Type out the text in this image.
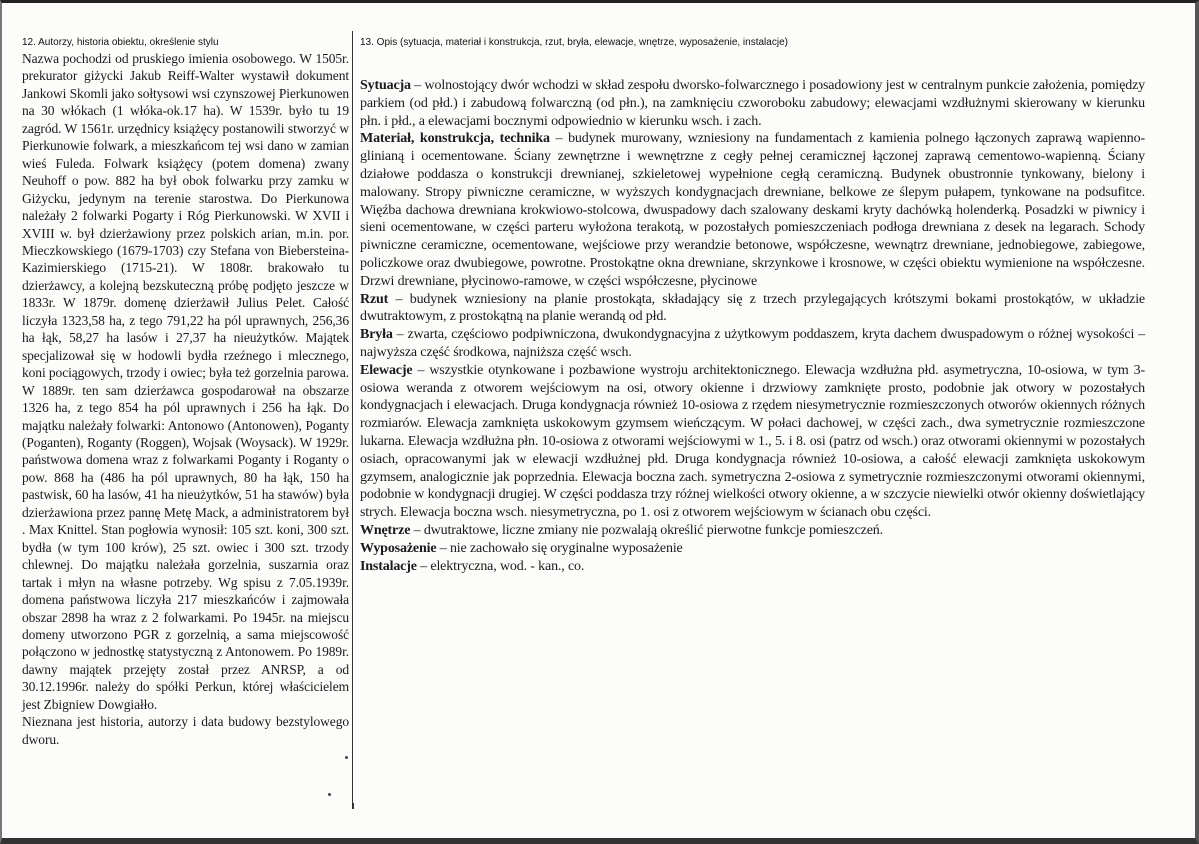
12. Autorzy, historia obiektu, określenie stylu

Nazwa pochodzi od pruskiego imienia osobowego. W 1505r. prekurator giżycki Jakub Reiff-Walter wystawił dokument Jankowi Skomli jako sołtysowi wsi czynszowej Pierkunowen na 30 włókach (1 włóka-ok.17 ha). W 1539r. było tu 19 zagród. W 1561r. urzędnicy książęcy postanowili stworzyć w Pierkunowie folwark, a mieszkańcom tej wsi dano w zamian wieś Fuleda. Folwark książęcy (potem domena) zwany Neuhoff o pow. 882 ha był obok folwarku przy zamku w Giżycku, jedynym na terenie starostwa. Do Pierkunowa należały 2 folwarki Pogarty i Róg Pierkunowski. W XVII i XVIII w. był dzierżawiony przez polskich arian, m.in. por. Mieczkowskiego (1679-1703) czy Stefana von Biebersteina-Kazimierskiego (1715-21). W 1808r. brakowało tu dzierżawcy, a kolejną bezskuteczną próbę podjęto jeszcze w 1833r. W 1879r. domenę dzierżawił Julius Pelet. Całość liczyła 1323,58 ha, z tego 791,22 ha pól uprawnych, 256,36 ha łąk, 58,27 ha lasów i 27,37 ha nieużytków. Majątek specjalizował się w hodowli bydła rzeźnego i mlecznego, koni pociągowych, trzody i owiec; była też gorzelnia parowa. W 1889r. ten sam dzierżawca gospodarował na obszarze 1326 ha, z tego 854 ha pól uprawnych i 256 ha łąk. Do majątku należały folwarki: Antonowo (Antonowen), Poganty (Poganten), Roganty (Roggen), Wojsak (Woysack). W 1929r. państwowa domena wraz z folwarkami Poganty i Roganty o pow. 868 ha (486 ha pól uprawnych, 80 ha łąk, 150 ha pastwisk, 60 ha lasów, 41 ha nieużytków, 51 ha stawów) była dzierżawiona przez pannę Metę Mack, a administratorem był . Max Knittel. Stan pogłowia wynosił: 105 szt. koni, 300 szt. bydła (w tym 100 krów), 25 szt. owiec i 300 szt. trzody chlewnej. Do majątku należała gorzelnia, suszarnia oraz tartak i młyn na własne potrzeby. Wg spisu z 7.05.1939r. domena państwowa liczyła 217 mieszkańców i zajmowała obszar 2898 ha wraz z 2 folwarkami. Po 1945r. na miejscu domeny utworzono PGR z gorzelnią, a sama miejscowość połączono w jednostkę statystyczną z Antonowem. Po 1989r. dawny majątek przejęty został przez ANRSP, a od 30.12.1996r. należy do spółki Perkun, której właścicielem jest Zbigniew Dowgiałło.

Nieznana jest historia, autorzy i data budowy bezstylowego dworu.

13. Opis (sytuacja, materiał i konstrukcja, rzut, bryła, elewacje, wnętrze, wyposażenie, instalacje)

Sytuacja – wolnostojący dwór wchodzi w skład zespołu dworsko-folwarcznego i posadowiony jest w centralnym punkcie założenia, pomiędzy parkiem (od płd.) i zabudową folwarczną (od płn.), na zamknięciu czworoboku zabudowy; elewacjami wzdłużnymi skierowany w kierunku płn. i płd., a elewacjami bocznymi odpowiednio w kierunku wsch. i zach.

Materiał, konstrukcja, technika – budynek murowany, wzniesiony na fundamentach z kamienia polnego łączonych zaprawą wapienno-glinianą i ocementowane. Ściany zewnętrzne i wewnętrzne z cegły pełnej ceramicznej łączonej zaprawą cementowo-wapienną. Ściany działowe poddasza o konstrukcji drewnianej, szkieletowej wypełnione cegłą ceramiczną. Budynek obustronnie tynkowany, bielony i malowany. Stropy piwniczne ceramiczne, w wyższych kondygnacjach drewniane, belkowe ze ślepym pułapem, tynkowane na podsufitce. Więźba dachowa drewniana krokwiowo-stolcowa, dwuspadowy dach szalowany deskami kryty dachówką holenderką. Posadzki w piwnicy i sieni ocementowane, w części parteru wyłożona terakotą, w pozostałych pomieszczeniach podłoga drewniana z desek na legarach. Schody piwniczne ceramiczne, ocementowane, wejściowe przy werandzie betonowe, współczesne, wewnątrz drewniane, jednobiegowe, zabiegowe, policzkowe oraz dwubiegowe, powrotne. Prostokątne okna drewniane, skrzynkowe i krosnowe, w części obiektu wymienione na współczesne. Drzwi drewniane, płycinowo-ramowe, w części współczesne, płycinowe

Rzut – budynek wzniesiony na planie prostokąta, składający się z trzech przylegających krótszymi bokami prostokątów, w układzie dwutraktowym, z prostokątną na planie werandą od płd.

Bryła – zwarta, częściowo podpiwniczona, dwukondygnacyjna z użytkowym poddaszem, kryta dachem dwuspadowym o różnej wysokości – najwyższa część środkowa, najniższa część wsch.

Elewacje – wszystkie otynkowane i pozbawione wystroju architektonicznego. Elewacja wzdłużna płd. asymetryczna, 10-osiowa, w tym 3-osiowa weranda z otworem wejściowym na osi, otwory okienne i drzwiowy zamknięte prosto, podobnie jak otwory w pozostałych kondygnacjach i elewacjach. Druga kondygnacja również 10-osiowa z rzędem niesymetrycznie rozmieszczonych otworów okiennych różnych rozmiarów. Elewacja zamknięta uskokowym gzymsem wieńczącym. W połaci dachowej, w części zach., dwa symetrycznie rozmieszczone lukarna. Elewacja wzdłużna płn. 10-osiowa z otworami wejściowymi w 1., 5. i 8. osi (patrz od wsch.) oraz otworami okiennymi w pozostałych osiach, opracowanymi jak w elewacji wzdłużnej płd. Druga kondygnacja również 10-osiowa, a całość elewacji zamknięta uskokowym gzymsem, analogicznie jak poprzednia. Elewacja boczna zach. symetryczna 2-osiowa z symetrycznie rozmieszczonymi otworami okiennymi, podobnie w kondygnacji drugiej. W części poddasza trzy różnej wielkości otwory okienne, a w szczycie niewielki otwór okienny doświetlający strych. Elewacja boczna wsch. niesymetryczna, po 1. osi z otworem wejściowym w ścianach obu części.

Wnętrze – dwutraktowe, liczne zmiany nie pozwalają określić pierwotne funkcje pomieszczeń.

Wyposażenie – nie zachowało się oryginalne wyposażenie

Instalacje – elektryczna, wod. - kan., co.
